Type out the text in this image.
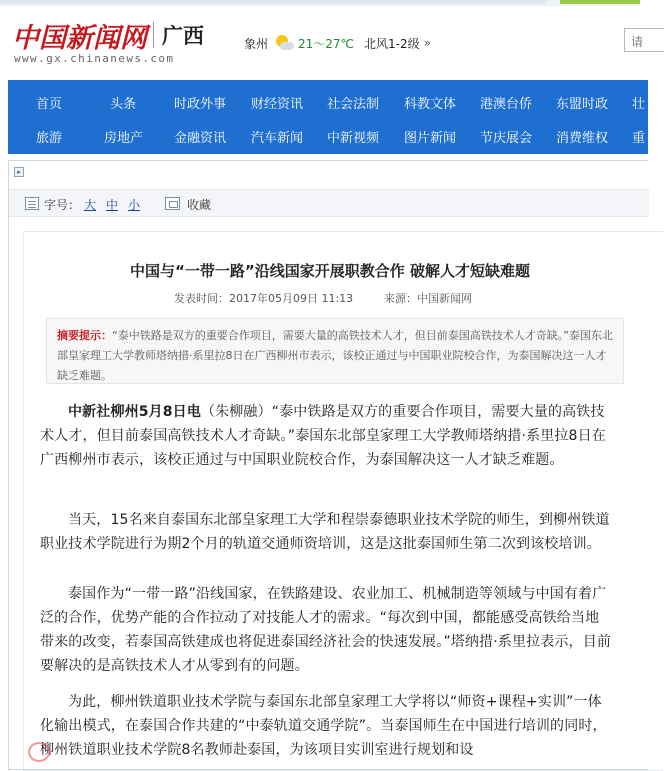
中国新闻网 广西
www.gx.chinanews.com
象州	21～27℃ 北风1-2级 »	请
首页	头条	时政外事 财经资讯 社会法制 科教文体 港澳台侨 东盟时政 壮
旅游	房地产 金融资讯 汽车新闻 中新视频 图片新闻 节庆展会 消费维权 重
▸
字号： 大 中 小	收藏
中国与“一带一路”沿线国家开展职教合作 破解人才短缺难题
发表时间：2017年05月09日 11:13	来源：中国新闻网
摘要提示：“泰中铁路是双方的重要合作项目，需要大量的高铁技术人才，但目前泰国高铁技术人才奇缺。”泰国东北部皇家理工大学教师塔纳措·系里拉8日在广西柳州市表示，该校正通过与中国职业院校合作，为泰国解决这一人才缺乏难题。
中新社柳州5月8日电（朱柳融）“泰中铁路是双方的重要合作项目，需要大量的高铁技术人才，但目前泰国高铁技术人才奇缺。”泰国东北部皇家理工大学教师塔纳措·系里拉8日在广西柳州市表示，该校正通过与中国职业院校合作，为泰国解决这一人才缺乏难题。
当天，15名来自泰国东北部皇家理工大学和程崇泰德职业技术学院的师生，到柳州铁道职业技术学院进行为期2个月的轨道交通师资培训，这是这批泰国师生第二次到该校培训。
泰国作为“一带一路”沿线国家，在铁路建设、农业加工、机械制造等领域与中国有着广泛的合作，优势产能的合作拉动了对技能人才的需求。“每次到中国，都能感受高铁给当地带来的改变，若泰国高铁建成也将促进泰国经济社会的快速发展。”塔纳措·系里拉表示，目前要解决的是高铁技术人才从零到有的问题。
为此，柳州铁道职业技术学院与泰国东北部皇家理工大学将以“师资+课程+实训”一体化输出模式，在泰国合作共建的“中泰轨道交通学院”。当泰国师生在中国进行培训的同时，柳州铁道职业技术学院8名教师赴泰国，为该项目实训室进行规划和设
